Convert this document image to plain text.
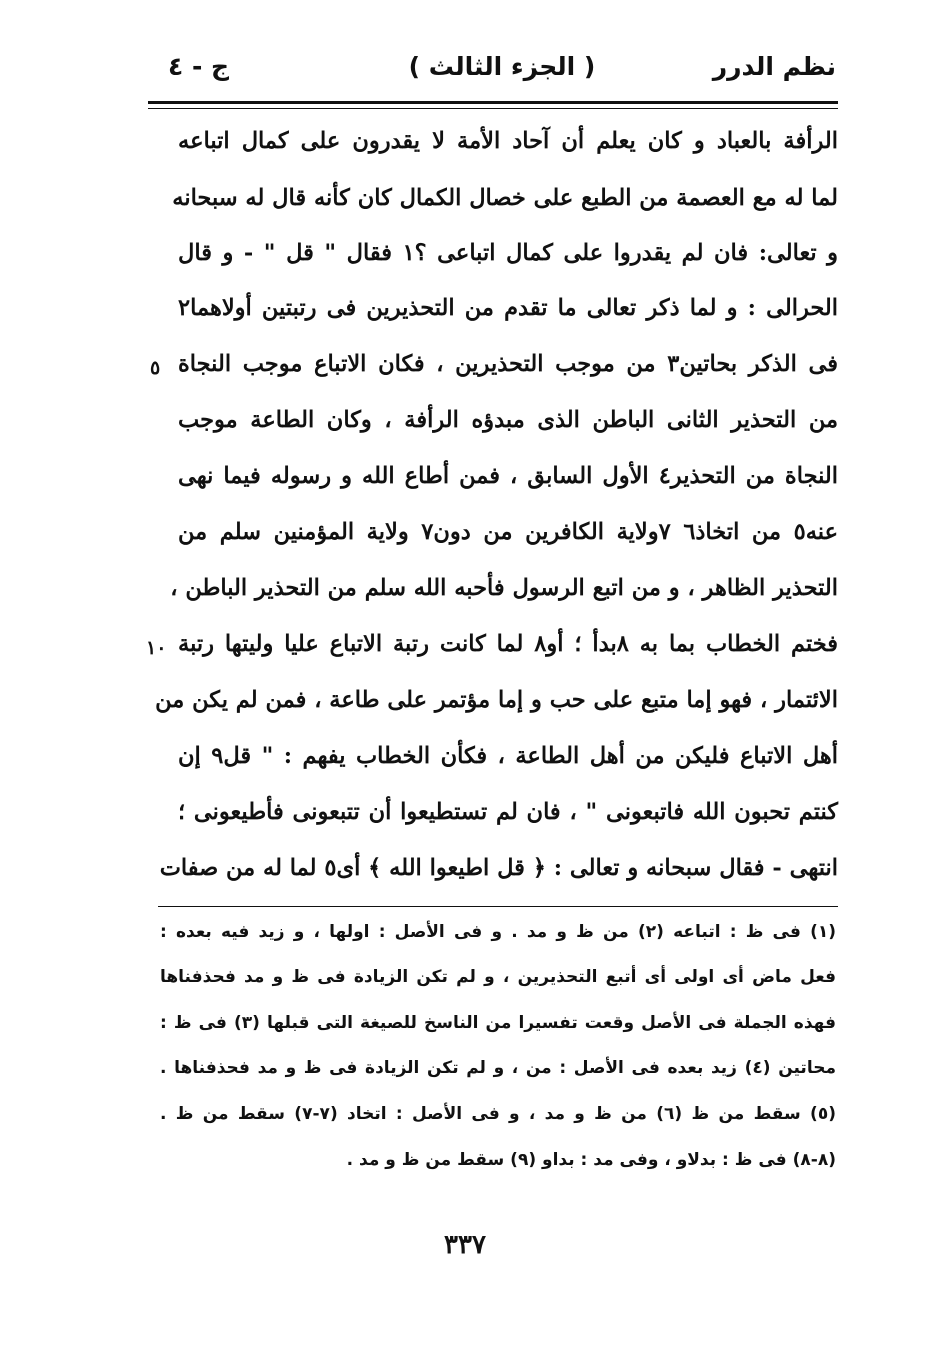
نظم الدرر
( الجزء الثالث )
ج - ٤
الرأفة بالعباد و كان يعلم أن آحاد الأمة لا يقدرون على كمال اتباعه
لما له مع العصمة من الطبع على خصال الكمال كان كأنه قال له سبحانه
و تعالى: فان لم يقدروا على كمال اتباعى ؟١ فقال " قل " - و قال
الحرالى : و لما ذكر تعالى ما تقدم من التحذيرين فى رتبتين أولاهما٢
فى الذكر بحاتين٣ من موجب التحذيرين ، فكان الاتباع موجب النجاة
من التحذير الثانى الباطن الذى مبدؤه الرأفة ، وكان الطاعة موجب
النجاة من التحذير٤ الأول السابق ، فمن أطاع الله و رسوله فيما نهى
عنه٥ من اتخاذ٦ ٧ولاية الكافرين من دون٧ ولاية المؤمنين سلم من
التحذير الظاهر ، و من اتبع الرسول فأحبه الله سلم من التحذير الباطن ،
فختم الخطاب بما به ٨بدأ ؛ أو٨ لما كانت رتبة الاتباع عليا وليتها رتبة
الائتمار ، فهو إما متبع على حب و إما مؤتمر على طاعة ، فمن لم يكن من
أهل الاتباع فليكن من أهل الطاعة ، فكأن الخطاب يفهم : " قل٩ إن
كنتم تحبون الله فاتبعونى " ، فان لم تستطيعوا أن تتبعونى فأطيعونى ؛
انتهى - فقال سبحانه و تعالى : ﴿ قل اطيعوا الله ﴾ أى٥ لما له من صفات
٥
١٠
(١) فى ظ : اتباعه (٢) من ظ و مد . و فى الأصل : اولها ، و زيد فيه بعده :
فعل ماض أى اولى أى أتبع التحذيرين ، و لم تكن الزيادة فى ظ و مد فحذفناها
فهذه الجملة فى الأصل وقعت تفسيرا من الناسخ للصيغة التى قبلها (٣) فى ظ :
محاتين (٤) زيد بعده فى الأصل : من ، و لم تكن الزيادة فى ظ و مد فحذفناها .
(٥) سقط من ظ (٦) من ظ و مد ، و فى الأصل : اتخاد (٧-٧) سقط من ظ .
(٨-٨) فى ظ : بدلاو ، وفى مد : بداو (٩) سقط من ظ و مد .
٣٣٧
